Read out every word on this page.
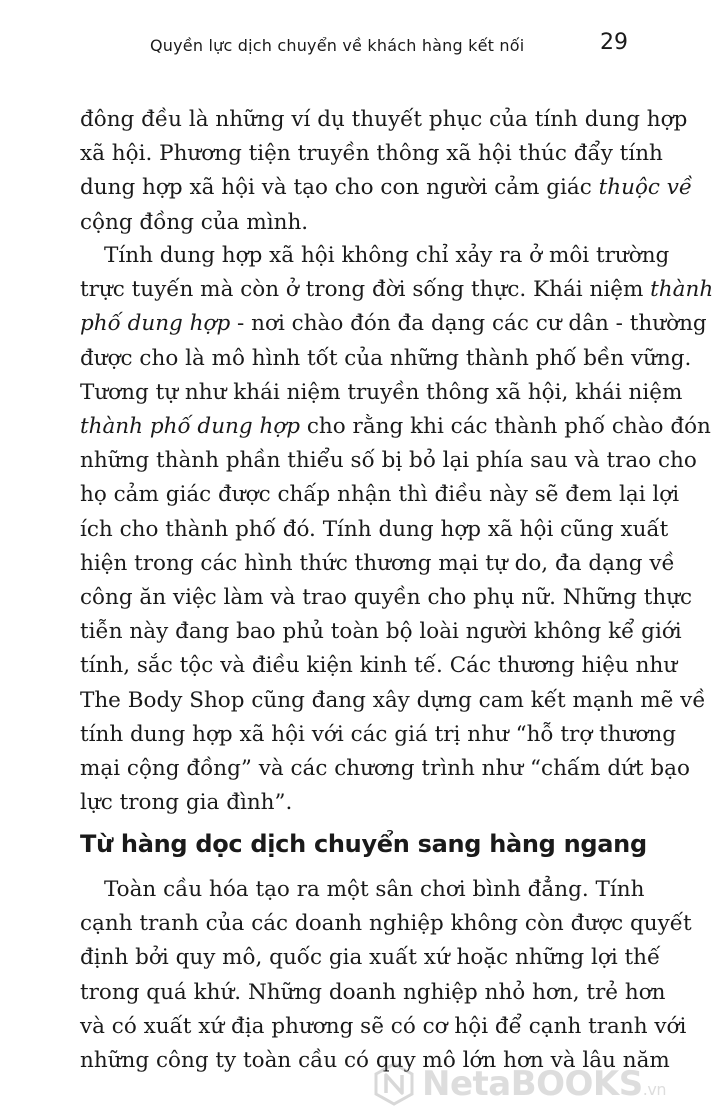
Quyền lực dịch chuyển về khách hàng kết nối	29
đông đều là những ví dụ thuyết phục của tính dung hợp
xã hội. Phương tiện truyền thông xã hội thúc đẩy tính
dung hợp xã hội và tạo cho con người cảm giác thuộc về
cộng đồng của mình.
Tính dung hợp xã hội không chỉ xảy ra ở môi trường
trực tuyến mà còn ở trong đời sống thực. Khái niệm thành
phố dung hợp - nơi chào đón đa dạng các cư dân - thường
được cho là mô hình tốt của những thành phố bền vững.
Tương tự như khái niệm truyền thông xã hội, khái niệm
thành phố dung hợp cho rằng khi các thành phố chào đón
những thành phần thiểu số bị bỏ lại phía sau và trao cho
họ cảm giác được chấp nhận thì điều này sẽ đem lại lợi
ích cho thành phố đó. Tính dung hợp xã hội cũng xuất
hiện trong các hình thức thương mại tự do, đa dạng về
công ăn việc làm và trao quyền cho phụ nữ. Những thực
tiễn này đang bao phủ toàn bộ loài người không kể giới
tính, sắc tộc và điều kiện kinh tế. Các thương hiệu như
The Body Shop cũng đang xây dựng cam kết mạnh mẽ về
tính dung hợp xã hội với các giá trị như “hỗ trợ thương
mại cộng đồng” và các chương trình như “chấm dứt bạo
lực trong gia đình”.
Từ hàng dọc dịch chuyển sang hàng ngang
Toàn cầu hóa tạo ra một sân chơi bình đẳng. Tính
cạnh tranh của các doanh nghiệp không còn được quyết
định bởi quy mô, quốc gia xuất xứ hoặc những lợi thế
trong quá khứ. Những doanh nghiệp nhỏ hơn, trẻ hơn
và có xuất xứ địa phương sẽ có cơ hội để cạnh tranh với
những công ty toàn cầu có quy mô lớn hơn và lâu năm
NetaBOOKS.vn
